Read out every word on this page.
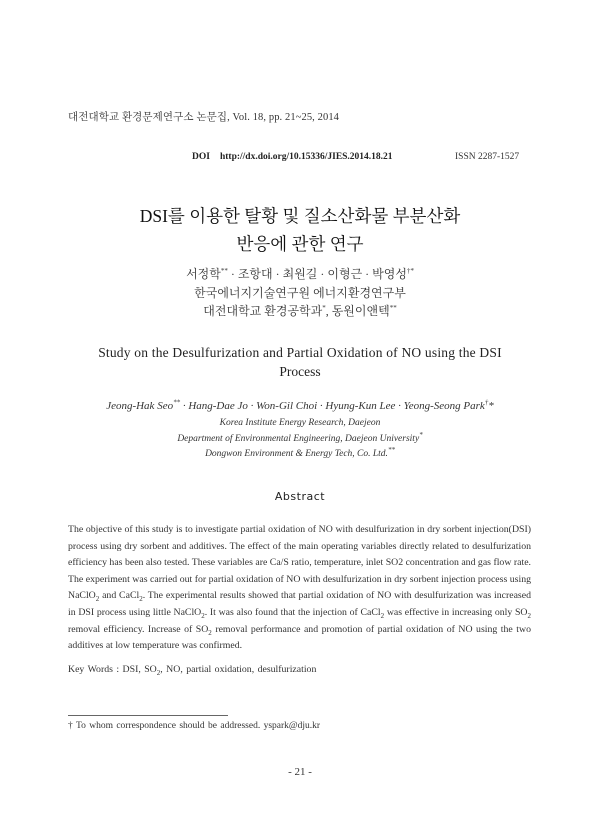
대전대학교 환경문제연구소 논문집, Vol. 18, pp. 21~25, 2014
DOI http://dx.doi.org/10.15336/JIES.2014.18.21	ISSN 2287-1527
DSI를 이용한 탈황 및 질소산화물 부분산화
반응에 관한 연구
서정학** · 조항대 · 최원길 · 이형근 · 박영성†*
한국에너지기술연구원 에너지환경연구부
대전대학교 환경공학과*, 동원이앤텍**
Study on the Desulfurization and Partial Oxidation of NO using the DSI
Process
Jeong-Hak Seo** · Hang-Dae Jo · Won-Gil Choi · Hyung-Kun Lee · Yeong-Seong Park†*
Korea Institute Energy Research, Daejeon
Department of Environmental Engineering, Daejeon University*
Dongwon Environment & Energy Tech, Co. Ltd.**
Abstract

The objective of this study is to investigate partial oxidation of NO with desulfurization in dry sorbent injection(DSI) process using dry sorbent and additives. The effect of the main operating variables directly related to desulfurization efficiency has been also tested. These variables are Ca/S ratio, temperature, inlet SO2 concentration and gas flow rate. The experiment was carried out for partial oxidation of NO with desulfurization in dry sorbent injection process using NaClO$_2$ and CaCl$_2$. The experimental results showed that partial oxidation of NO with desulfurization was increased in DSI process using little NaClO$_2$. It was also found that the injection of CaCl$_2$ was effective in increasing only $SO_2$ removal efficiency. Increase of $SO_2$ removal performance and promotion of partial oxidation of NO using the two additives at low temperature was confirmed.

Key Words : DSI, $SO_2$, NO, partial oxidation, desulfurization
† To whom correspondence should be addressed. yspark@dju.kr
- 21 -
